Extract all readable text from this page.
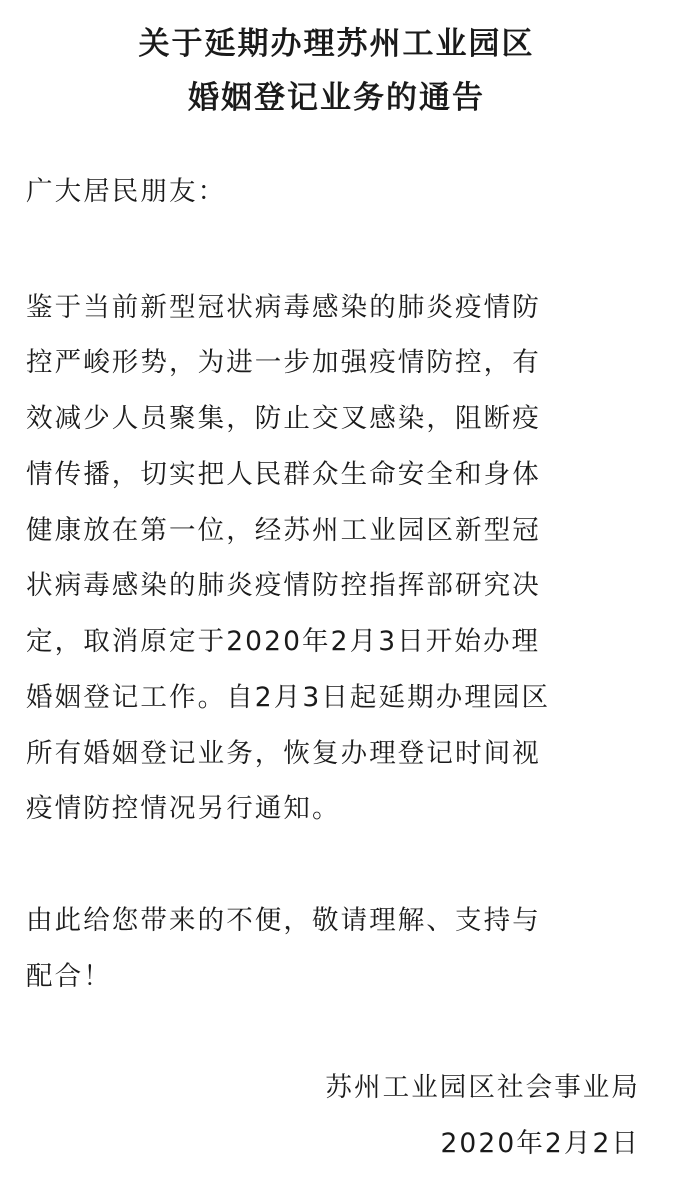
关于延期办理苏州工业园区
婚姻登记业务的通告
广大居民朋友：
鉴于当前新型冠状病毒感染的肺炎疫情防
控严峻形势，为进一步加强疫情防控，有
效减少人员聚集，防止交叉感染，阻断疫
情传播，切实把人民群众生命安全和身体
健康放在第一位，经苏州工业园区新型冠
状病毒感染的肺炎疫情防控指挥部研究决
定，取消原定于2020年2月3日开始办理
婚姻登记工作。自2月3日起延期办理园区
所有婚姻登记业务，恢复办理登记时间视
疫情防控情况另行通知。
由此给您带来的不便，敬请理解、支持与
配合！
苏州工业园区社会事业局
2020年2月2日
